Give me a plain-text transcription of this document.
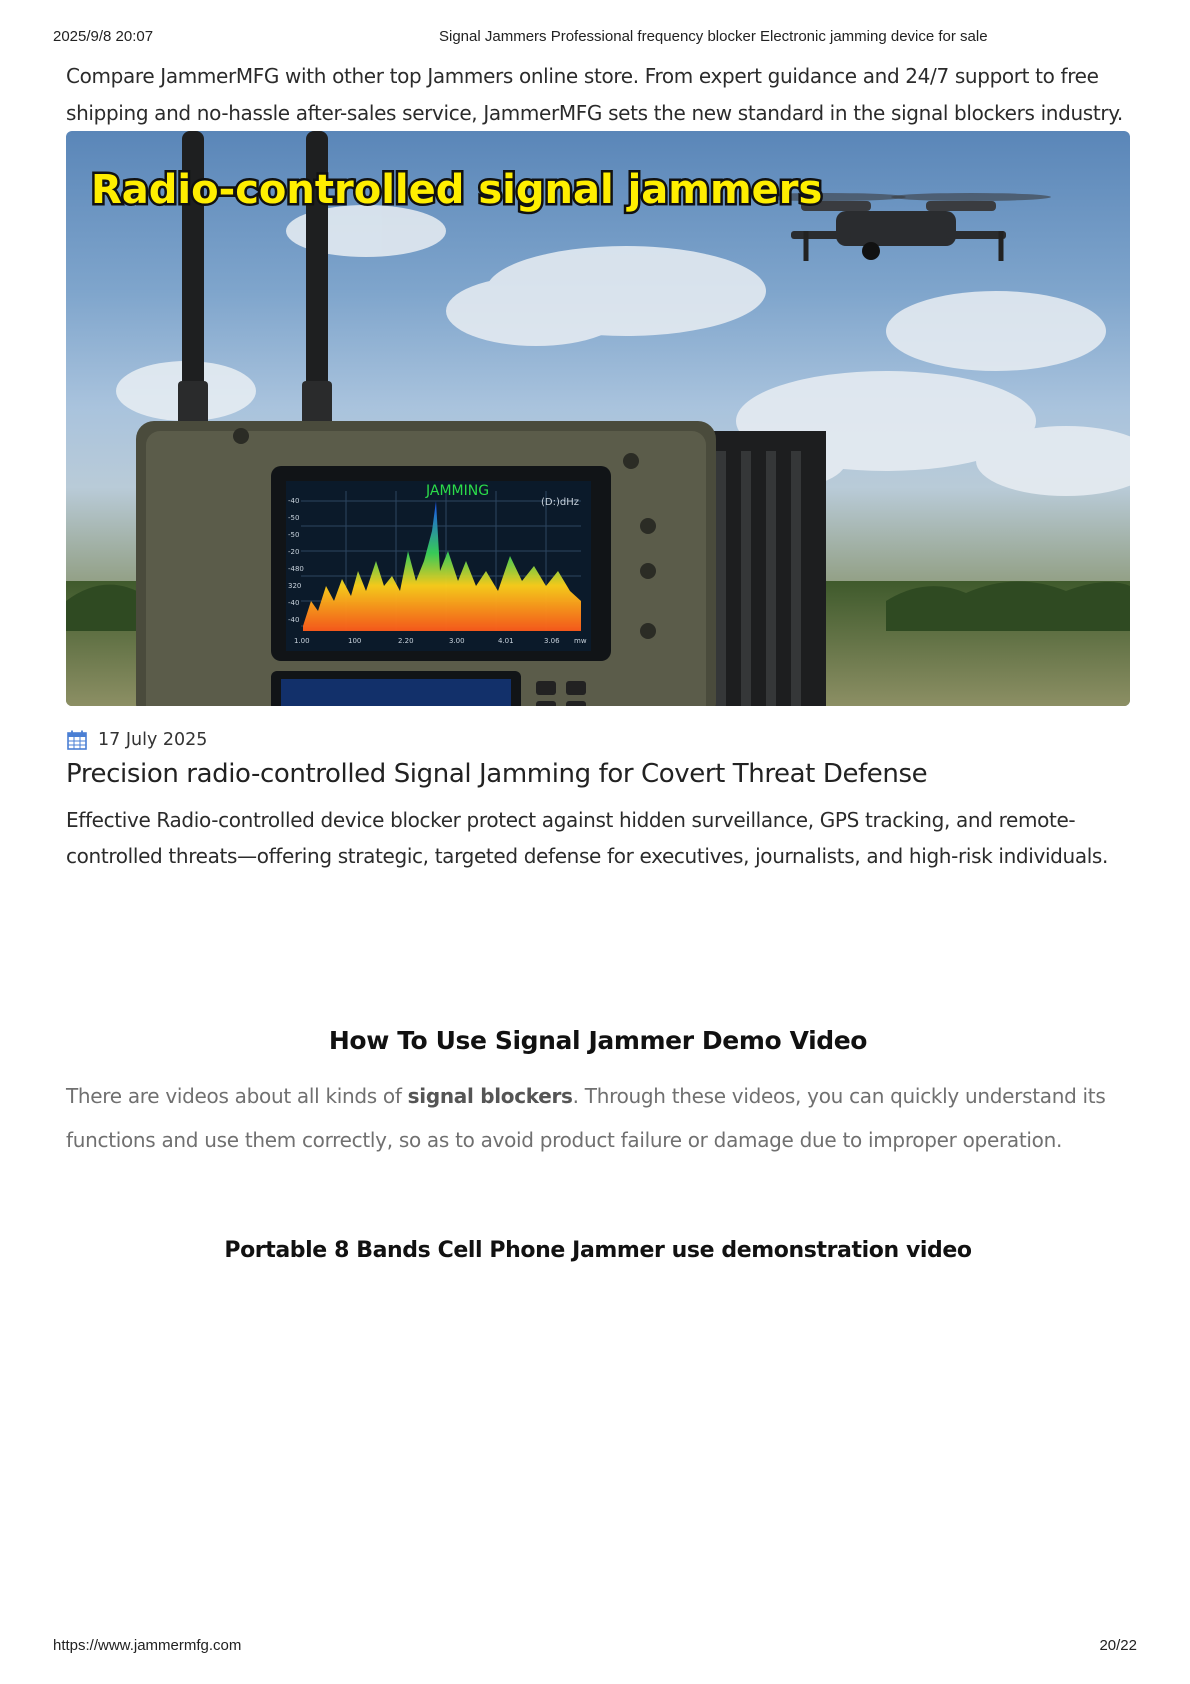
2025/9/8 20:07	Signal Jammers Professional frequency blocker Electronic jamming device for sale
Compare JammerMFG with other top Jammers online store. From expert guidance and 24/7 support to free
shipping and no-hassle after-sales service, JammerMFG sets the new standard in the signal blockers industry.
JAMMING
(D:)dHz
-40
-50
-50
-20
-480
320
-40
-40
1.00	100	2.20	3.00	4.01	3.06 mw
Radio-controlled signal jammers
17 July 2025
Precision radio-controlled Signal Jamming for Covert Threat Defense
Effective Radio-controlled device blocker protect against hidden surveillance, GPS tracking, and remote-
controlled threats—offering strategic, targeted defense for executives, journalists, and high-risk individuals.
How To Use Signal Jammer Demo Video
There are videos about all kinds of signal blockers. Through these videos, you can quickly understand its
functions and use them correctly, so as to avoid product failure or damage due to improper operation.
Portable 8 Bands Cell Phone Jammer use demonstration video
https://www.jammermfg.com	20/22
